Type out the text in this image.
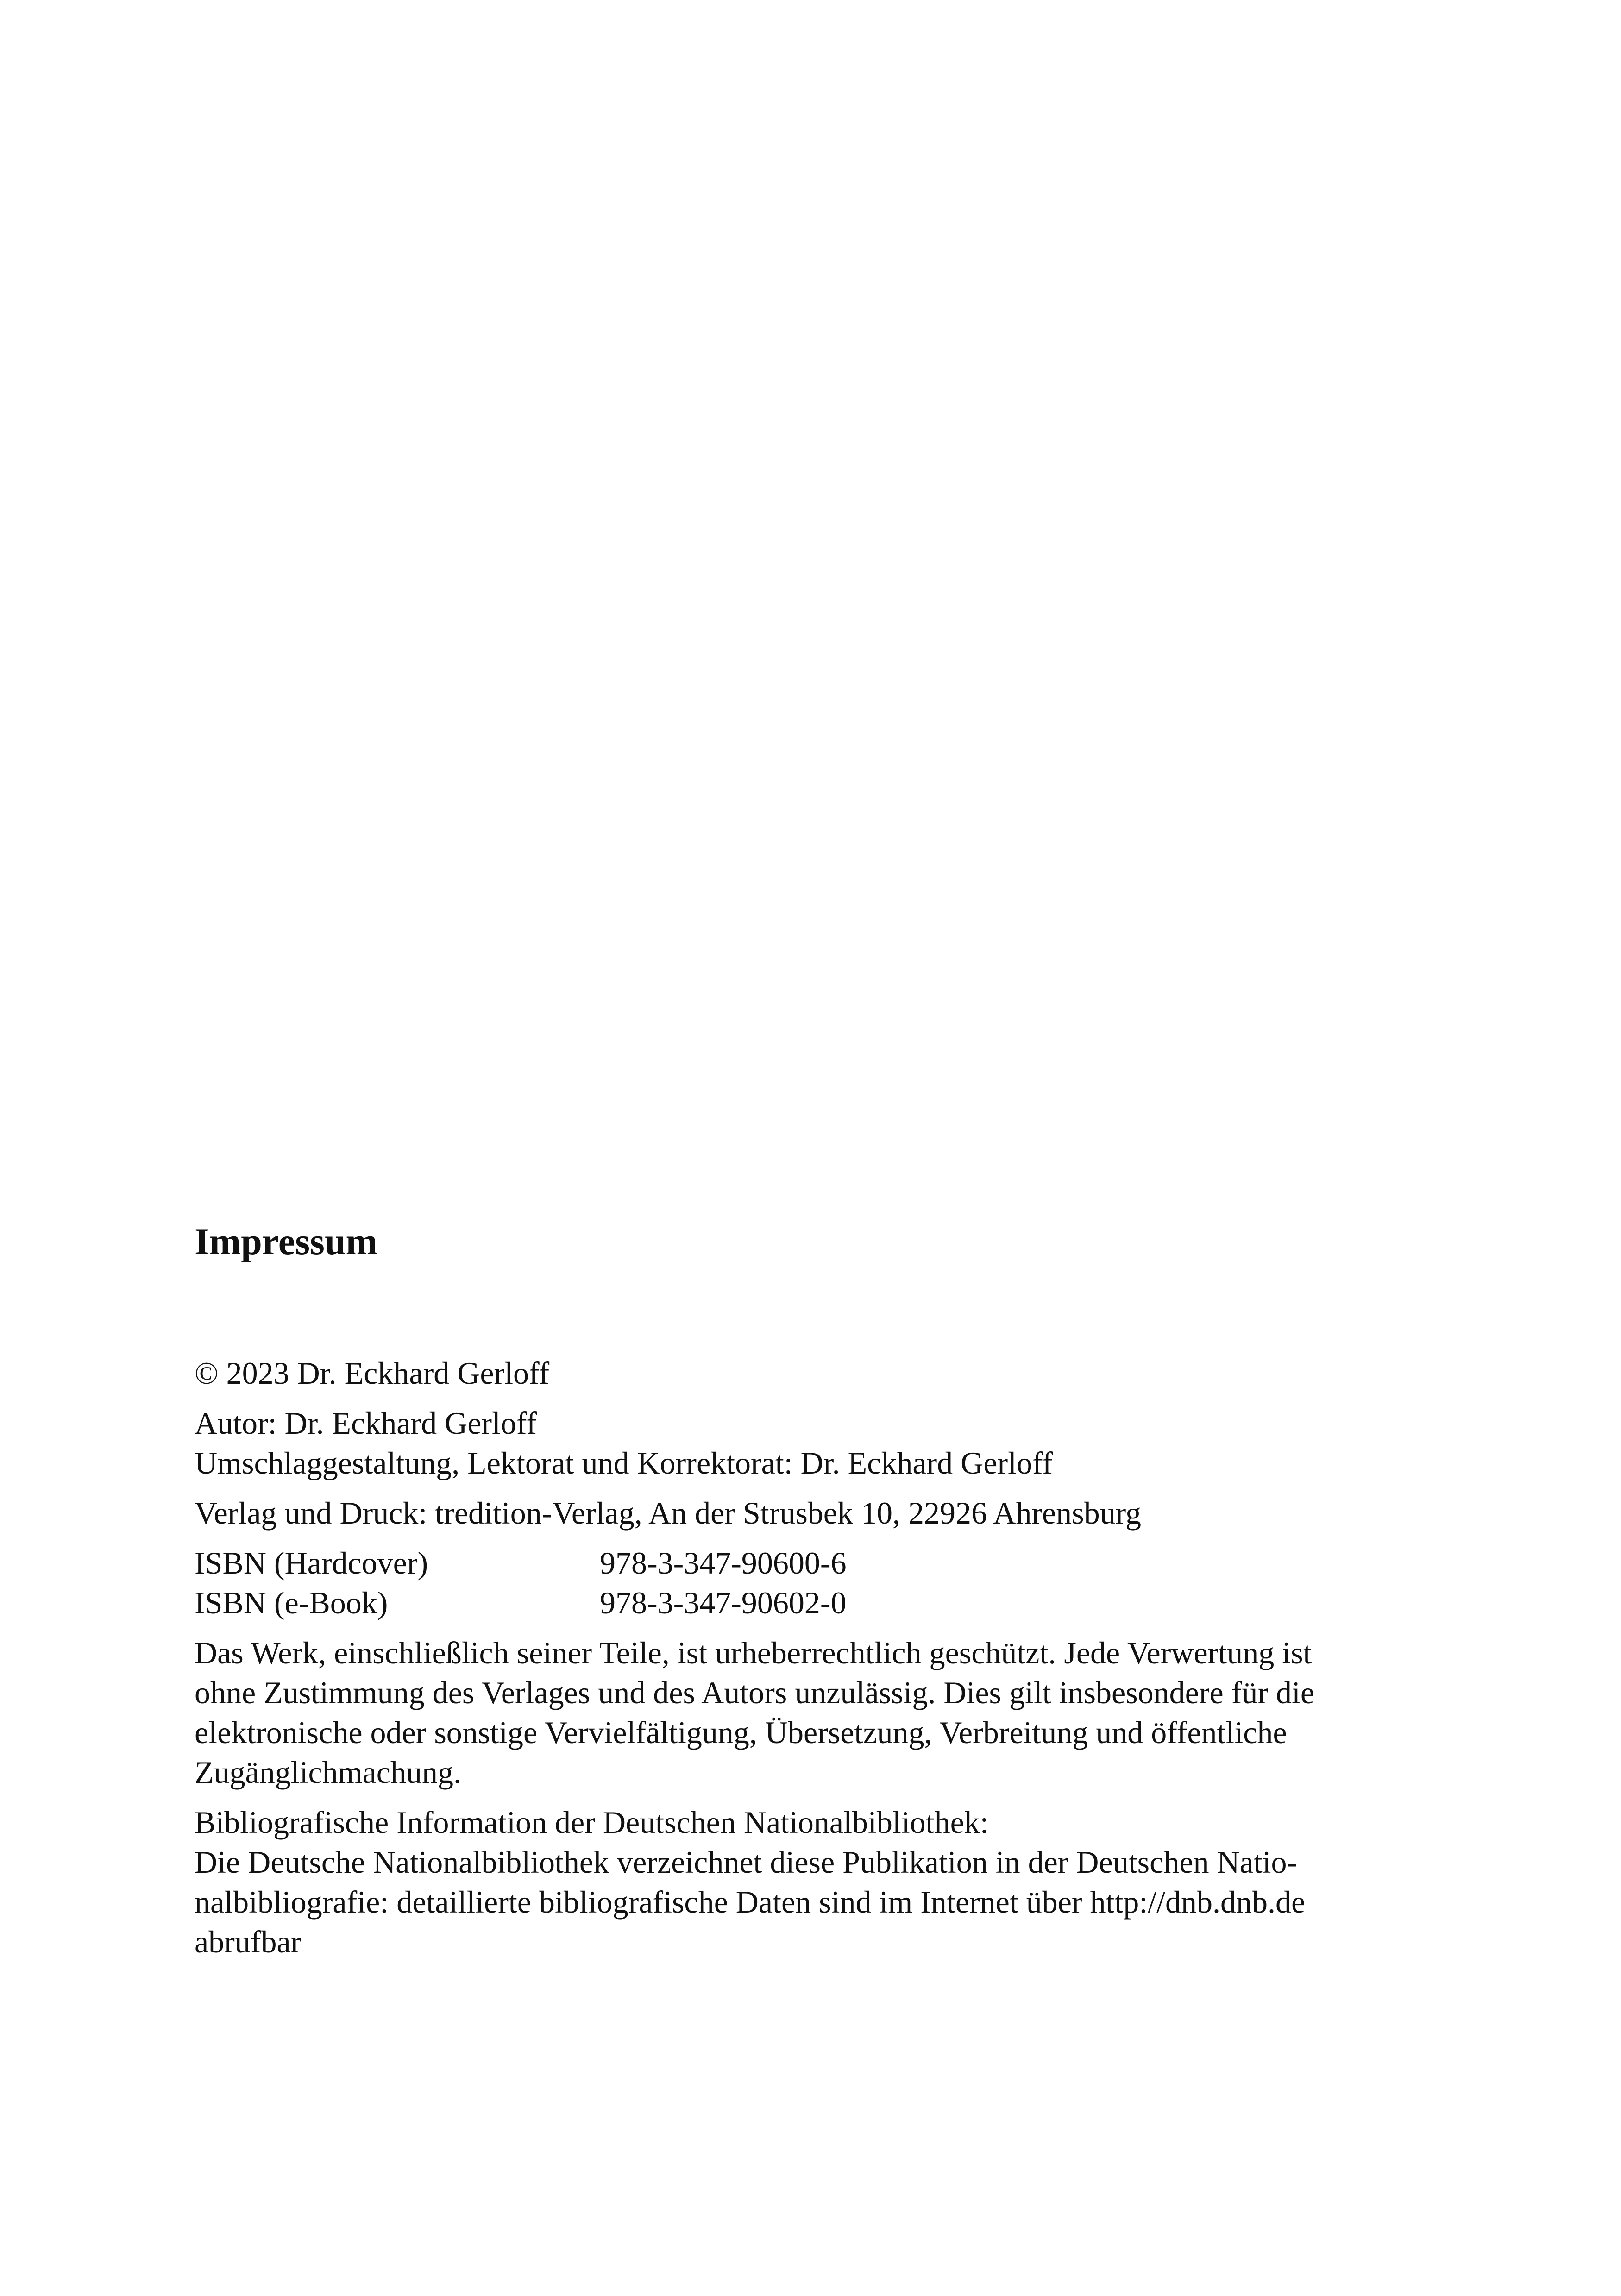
Impressum
© 2023 Dr. Eckhard Gerloff
Autor: Dr. Eckhard Gerloff
Umschlaggestaltung, Lektorat und Korrektorat: Dr. Eckhard Gerloff
Verlag und Druck: tredition-Verlag, An der Strusbek 10, 22926 Ahrensburg
ISBN (Hardcover)	978-3-347-90600-6
ISBN (e-Book)	978-3-347-90602-0
Das Werk, einschließlich seiner Teile, ist urheberrechtlich geschützt. Jede Verwertung ist
ohne Zustimmung des Verlages und des Autors unzulässig. Dies gilt insbesondere für die
elektronische oder sonstige Vervielfältigung, Übersetzung, Verbreitung und öffentliche
Zugänglichmachung.
Bibliografische Information der Deutschen Nationalbibliothek:
Die Deutsche Nationalbibliothek verzeichnet diese Publikation in der Deutschen Natio-
nalbibliografie: detaillierte bibliografische Daten sind im Internet über http://dnb.dnb.de
abrufbar
